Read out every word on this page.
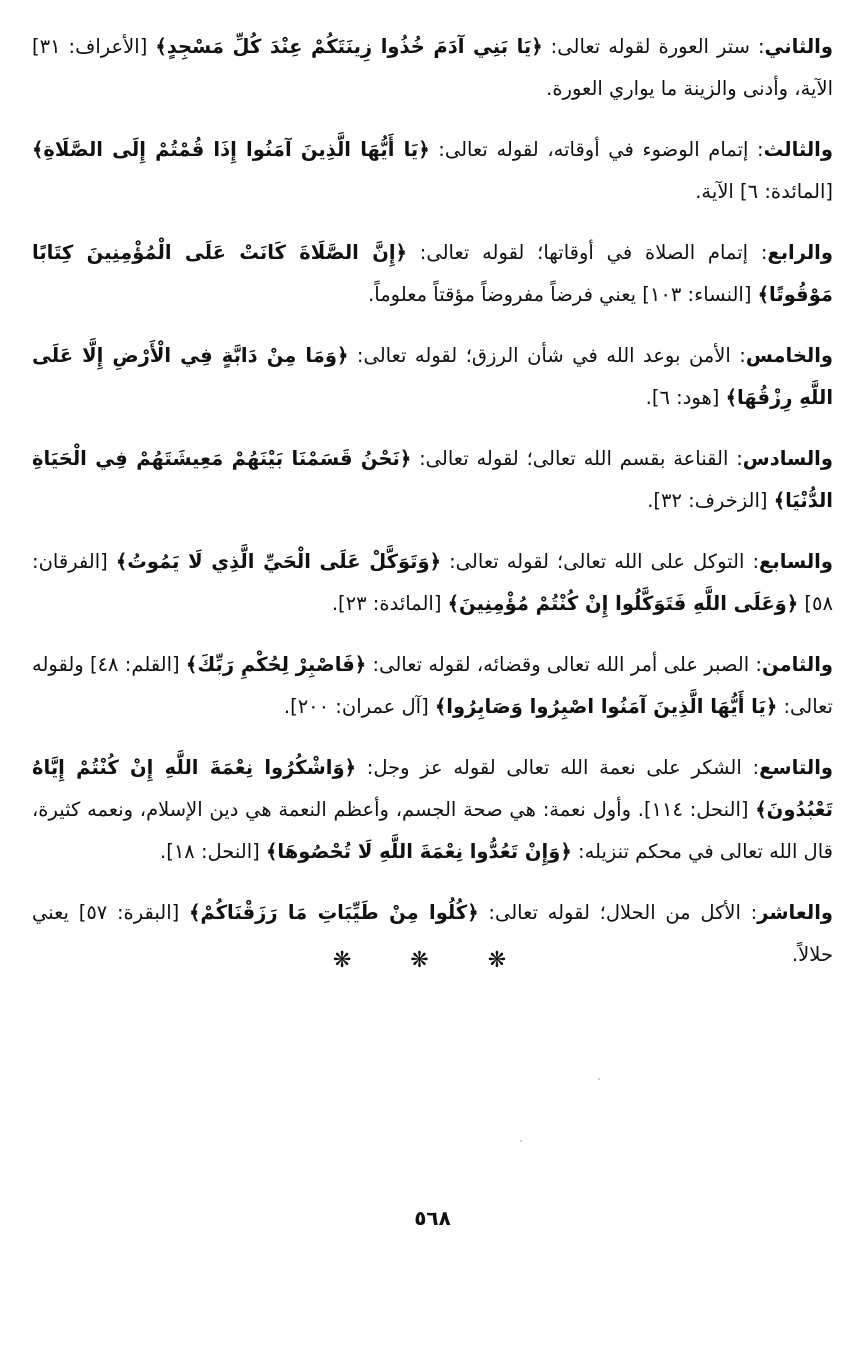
والثاني: ستر العورة لقوله تعالى: ﴿يَا بَنِي آدَمَ خُذُوا زِينَتَكُمْ عِنْدَ كُلِّ مَسْجِدٍ﴾ [الأعراف: ٣١] الآية، وأدنى والزينة ما يواري العورة.

والثالث: إتمام الوضوء في أوقاته، لقوله تعالى: ﴿يَا أَيُّهَا الَّذِينَ آمَنُوا إِذَا قُمْتُمْ إِلَى الصَّلَاةِ﴾ [المائدة: ٦] الآية.

والرابع: إتمام الصلاة في أوقاتها؛ لقوله تعالى: ﴿إِنَّ الصَّلَاةَ كَانَتْ عَلَى الْمُؤْمِنِينَ كِتَابًا مَوْقُوتًا﴾ [النساء: ١٠٣] يعني فرضاً مفروضاً مؤقتاً معلوماً.

والخامس: الأمن بوعد الله في شأن الرزق؛ لقوله تعالى: ﴿وَمَا مِنْ دَابَّةٍ فِي الْأَرْضِ إِلَّا عَلَى اللَّهِ رِزْقُهَا﴾ [هود: ٦].

والسادس: القناعة بقسم الله تعالى؛ لقوله تعالى: ﴿نَحْنُ قَسَمْنَا بَيْنَهُمْ مَعِيشَتَهُمْ فِي الْحَيَاةِ الدُّنْيَا﴾ [الزخرف: ٣٢].

والسابع: التوكل على الله تعالى؛ لقوله تعالى: ﴿وَتَوَكَّلْ عَلَى الْحَيِّ الَّذِي لَا يَمُوتُ﴾ [الفرقان: ٥٨] ﴿وَعَلَى اللَّهِ فَتَوَكَّلُوا إِنْ كُنْتُمْ مُؤْمِنِينَ﴾ [المائدة: ٢٣].

والثامن: الصبر على أمر الله تعالى وقضائه، لقوله تعالى: ﴿فَاصْبِرْ لِحُكْمِ رَبِّكَ﴾ [القلم: ٤٨] ولقوله تعالى: ﴿يَا أَيُّهَا الَّذِينَ آمَنُوا اصْبِرُوا وَصَابِرُوا﴾ [آل عمران: ٢٠٠].

والتاسع: الشكر على نعمة الله تعالى لقوله عز وجل: ﴿وَاشْكُرُوا نِعْمَةَ اللَّهِ إِنْ كُنْتُمْ إِيَّاهُ تَعْبُدُونَ﴾ [النحل: ١١٤]. وأول نعمة: هي صحة الجسم، وأعظم النعمة هي دين الإسلام، ونعمه كثيرة، قال الله تعالى في محكم تنزيله: ﴿وَإِنْ تَعُدُّوا نِعْمَةَ اللَّهِ لَا تُحْصُوهَا﴾ [النحل: ١٨].

والعاشر: الأكل من الحلال؛ لقوله تعالى: ﴿كُلُوا مِنْ طَيِّبَاتِ مَا رَزَقْنَاكُمْ﴾ [البقرة: ٥٧] يعني حلالاً.

❋ ❋ ❋
٥٦٨
